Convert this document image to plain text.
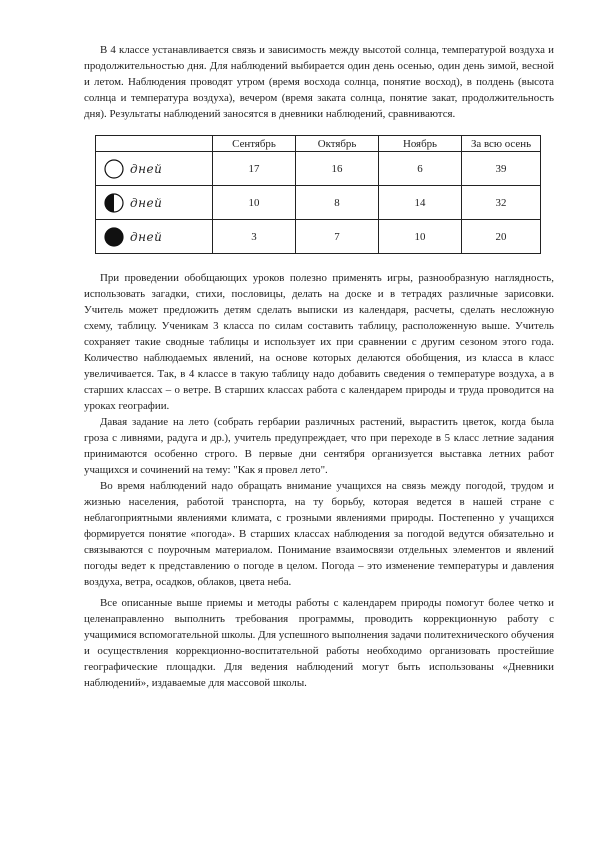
В 4 классе устанавливается связь и зависимость между высотой солнца, температурой воздуха и продолжительностью дня. Для наблюдений выбирается один день осенью, один день зимой, весной и летом. Наблюдения проводят утром (время восхода солнца, понятие восход), в полдень (высота солнца и температура воздуха), вечером (время заката солнца, понятие закат, продолжительность дня). Результаты наблюдений заносятся в дневники наблюдений, сравниваются.

	Сентябрь	Октябрь	Ноябрь	За всю осень

дней	17	16	6	39

дней	10	8	14	32

дней	3	7	10	20

При проведении обобщающих уроков полезно применять игры, разнообразную наглядность, использовать загадки, стихи, пословицы, делать на доске и в тетрадях различные зарисовки. Учитель может предложить детям сделать выписки из календаря, расчеты, сделать несложную схему, таблицу. Ученикам 3 класса по силам составить таблицу, расположенную выше. Учитель сохраняет такие сводные таблицы и использует их при сравнении с другим сезоном этого года. Количество наблюдаемых явлений, на основе которых делаются обобщения, из класса в класс увеличивается. Так, в 4 классе в такую таблицу надо добавить сведения о температуре воздуха, а в старших классах – о ветре. В старших классах работа с календарем природы и труда проводится на уроках географии.

Давая задание на лето (собрать гербарии различных растений, вырастить цветок, когда была гроза с ливнями, радуга и др.), учитель предупреждает, что при переходе в 5 класс летние задания принимаются особенно строго. В первые дни сентября организуется выставка летних работ учащихся и сочинений на тему: "Как я провел лето".

Во время наблюдений надо обращать внимание учащихся на связь между погодой, трудом и жизнью населения, работой транспорта, на ту борьбу, которая ведется в нашей стране с неблагоприятными явлениями климата, с грозными явлениями природы. Постепенно у учащихся формируется понятие «погода». В старших классах наблюдения за погодой ведутся обязательно и связываются с поурочным материалом. Понимание взаимосвязи отдельных элементов и явлений погоды ведет к представлению о погоде в целом. Погода – это изменение температуры и давления воздуха, ветра, осадков, облаков, цвета неба.

Все описанные выше приемы и методы работы с календарем природы помогут более четко и целенаправленно выполнить требования программы, проводить коррекционную работу с учащимися вспомогательной школы. Для успешного выполнения задачи политехнического обучения и осуществления коррекционно-воспитательной работы необходимо организовать простейшие географические площадки. Для ведения наблюдений могут быть использованы «Дневники наблюдений», издаваемые для массовой школы.
